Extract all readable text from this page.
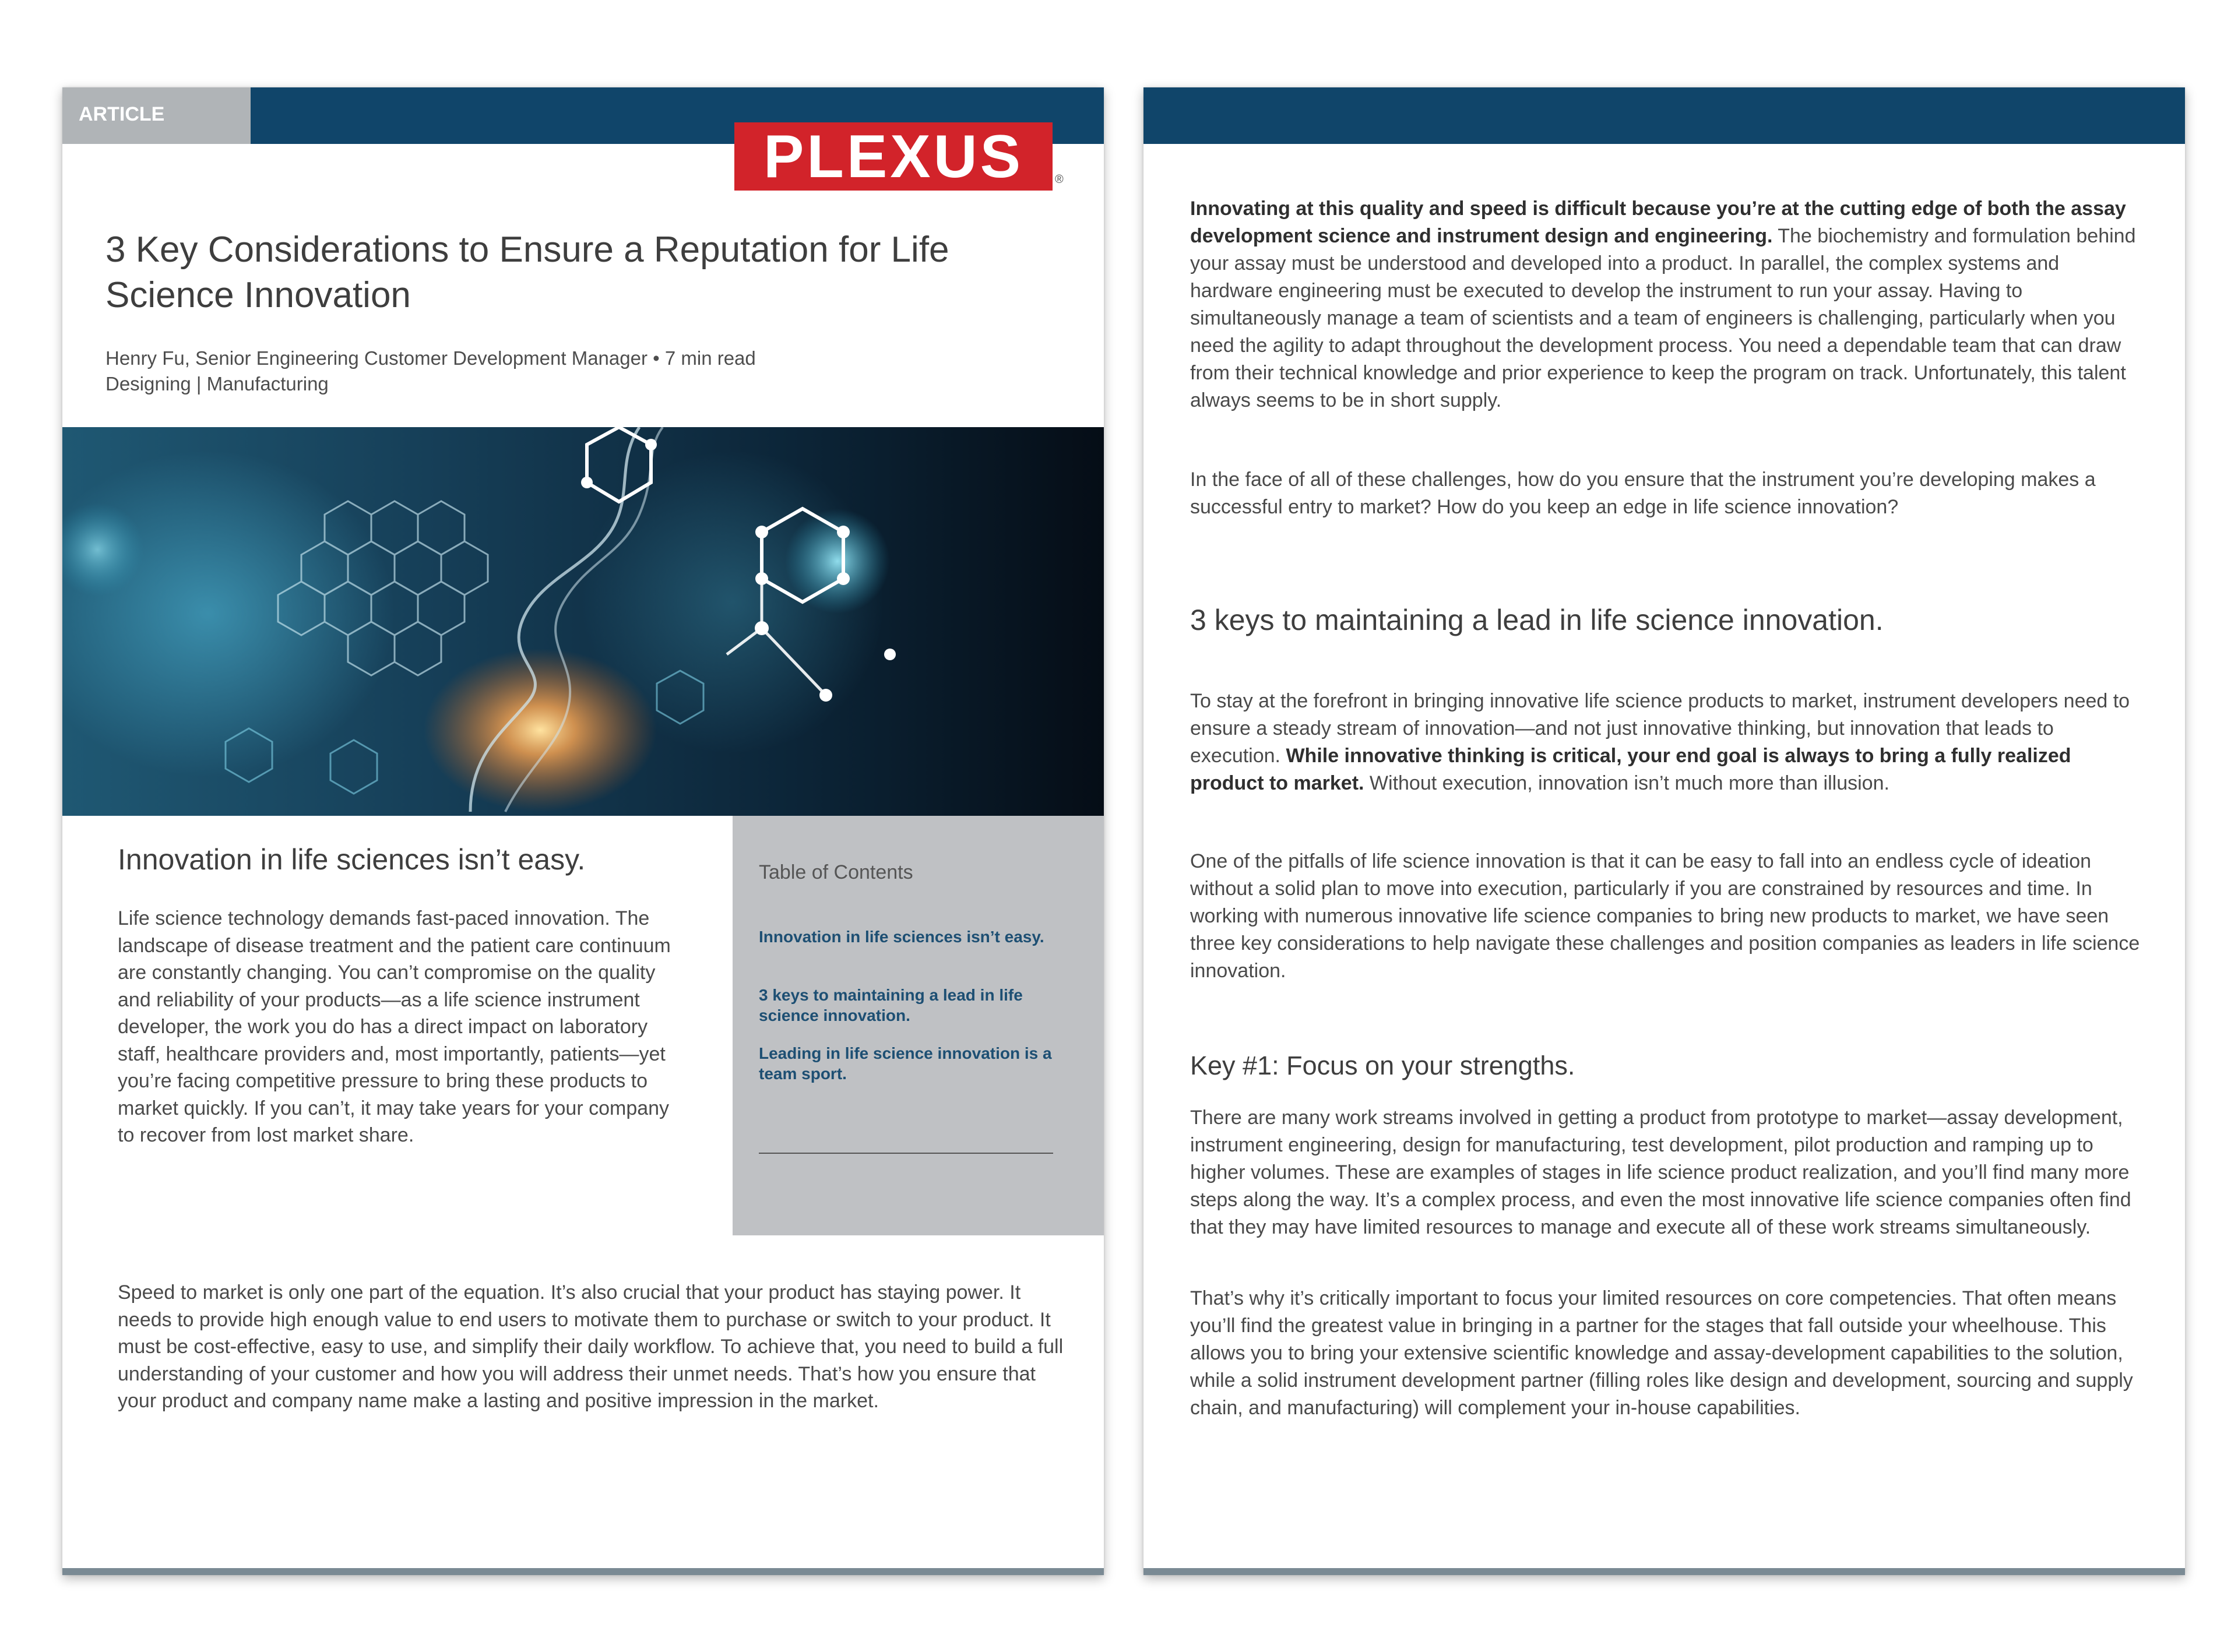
ARTICLE
PLEXUS	®
3 Key Considerations to Ensure a Reputation for Life Science Innovation
Henry Fu, Senior Engineering Customer Development Manager • 7 min read
Designing | Manufacturing
Innovation in life sciences isn’t easy.

Life science technology demands fast-paced innovation. The landscape of disease treatment and the patient care continuum are constantly changing. You can’t compromise on the quality and reliability of your products—as a life science instrument developer, the work you do has a direct impact on laboratory staff, healthcare providers and, most importantly, patients—yet you’re facing competitive pressure to bring these products to market quickly. If you can’t, it may take years for your company to recover from lost market share.

Table of Contents
Innovation in life sciences isn’t easy.
3 keys to maintaining a lead in life science innovation.
Leading in life science innovation is a team sport.

Speed to market is only one part of the equation. It’s also crucial that your product has staying power. It needs to provide high enough value to end users to motivate them to purchase or switch to your product. It must be cost-effective, easy to use, and simplify their daily workflow. To achieve that, you need to build a full understanding of your customer and how you will address their unmet needs. That’s how you ensure that your product and company name make a lasting and positive impression in the market.

Innovating at this quality and speed is difficult because you’re at the cutting edge of both the assay development science and instrument design and engineering. The biochemistry and formulation behind your assay must be understood and developed into a product. In parallel, the complex systems and hardware engineering must be executed to develop the instrument to run your assay. Having to simultaneously manage a team of scientists and a team of engineers is challenging, particularly when you need the agility to adapt throughout the development process. You need a dependable team that can draw from their technical knowledge and prior experience to keep the program on track. Unfortunately, this talent always seems to be in short supply.

In the face of all of these challenges, how do you ensure that the instrument you’re developing makes a successful entry to market? How do you keep an edge in life science innovation?

3 keys to maintaining a lead in life science innovation.

To stay at the forefront in bringing innovative life science products to market, instrument developers need to ensure a steady stream of innovation—and not just innovative thinking, but innovation that leads to execution. While innovative thinking is critical, your end goal is always to bring a fully realized product to market. Without execution, innovation isn’t much more than illusion.

One of the pitfalls of life science innovation is that it can be easy to fall into an endless cycle of ideation without a solid plan to move into execution, particularly if you are constrained by resources and time. In working with numerous innovative life science companies to bring new products to market, we have seen three key considerations to help navigate these challenges and position companies as leaders in life science innovation.

Key #1: Focus on your strengths.

There are many work streams involved in getting a product from prototype to market—assay development, instrument engineering, design for manufacturing, test development, pilot production and ramping up to higher volumes. These are examples of stages in life science product realization, and you’ll find many more steps along the way. It’s a complex process, and even the most innovative life science companies often find that they may have limited resources to manage and execute all of these work streams simultaneously.

That’s why it’s critically important to focus your limited resources on core competencies. That often means you’ll find the greatest value in bringing in a partner for the stages that fall outside your wheelhouse. This allows you to bring your extensive scientific knowledge and assay-development capabilities to the solution, while a solid instrument development partner (filling roles like design and development, sourcing and supply chain, and manufacturing) will complement your in-house capabilities.
